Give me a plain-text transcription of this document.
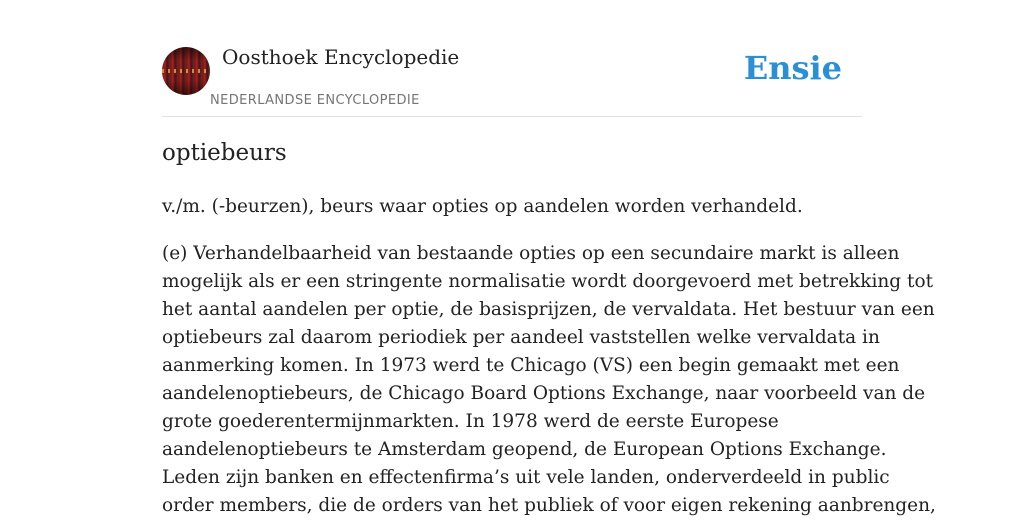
Oosthoek Encyclopedie
NEDERLANDSE ENCYCLOPEDIE
Ensie
optiebeurs

v./m. (-beurzen), beurs waar opties op aandelen worden verhandeld.

(e) Verhandelbaarheid van bestaande opties op een secundaire markt is alleen
mogelijk als er een stringente normalisatie wordt doorgevoerd met betrekking tot
het aantal aandelen per optie, de basisprijzen, de vervaldata. Het bestuur van een
optiebeurs zal daarom periodiek per aandeel vaststellen welke vervaldata in
aanmerking komen. In 1973 werd te Chicago (VS) een begin gemaakt met een
aandelenoptiebeurs, de Chicago Board Options Exchange, naar voorbeeld van de
grote goederentermijnmarkten. In 1978 werd de eerste Europese
aandelenoptiebeurs te Amsterdam geopend, de European Options Exchange.
Leden zijn banken en effectenfirma’s uit vele landen, onderverdeeld in public
order members, die de orders van het publiek of voor eigen rekening aanbrengen,
